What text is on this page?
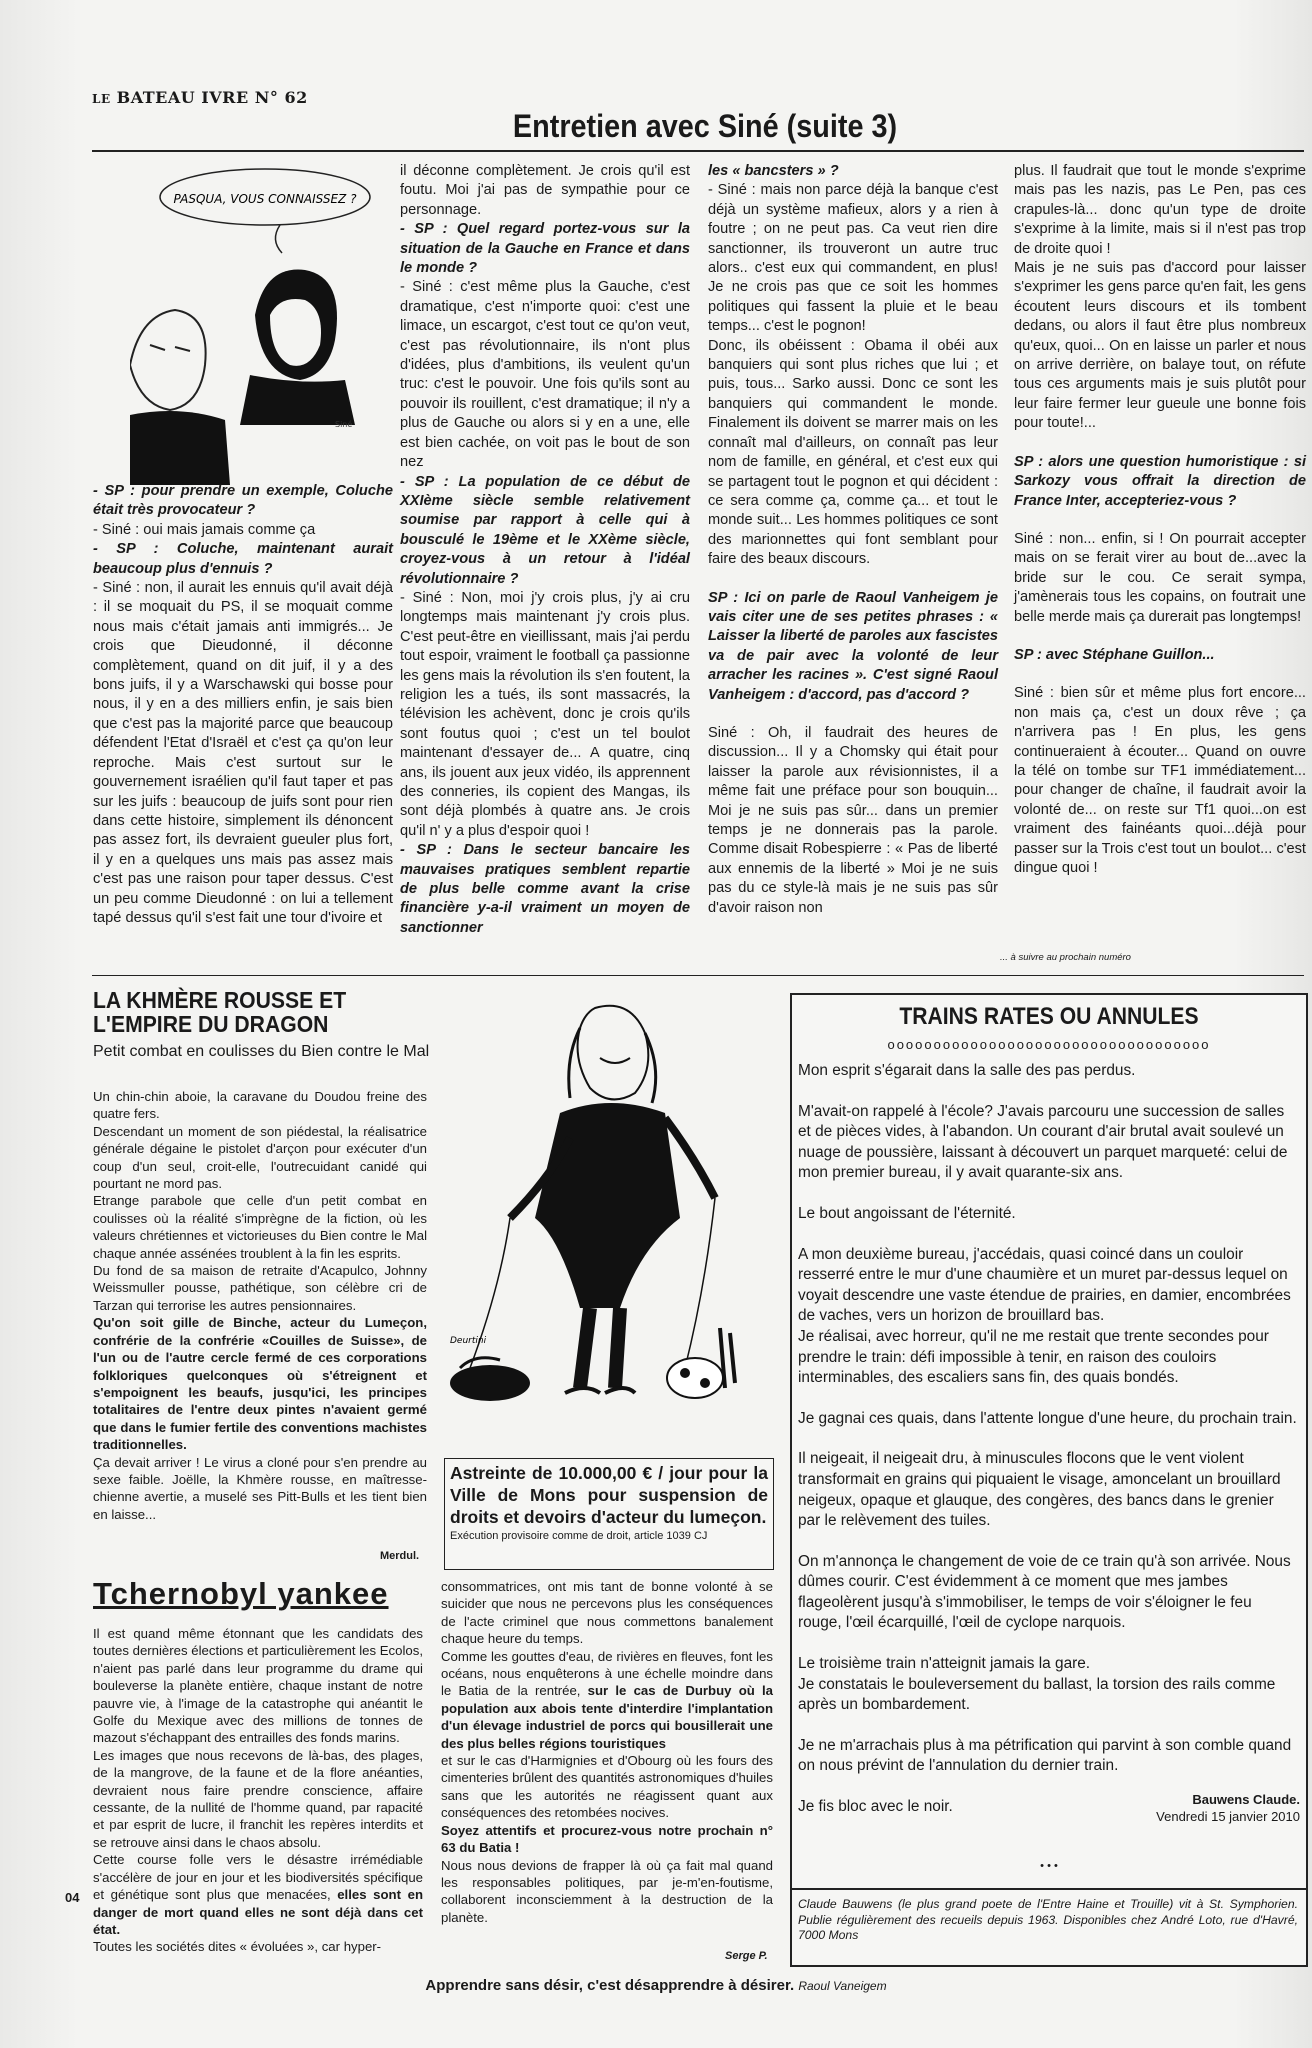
LE BATEAU IVRE N° 62
Entretien avec Siné (suite 3)
PASQUA, VOUS CONNAISSEZ ?
Siné

- SP : pour prendre un exemple, Coluche était très provocateur ?

- Siné : oui mais jamais comme ça

- SP : Coluche, maintenant aurait beaucoup plus d'ennuis ?

- Siné : non, il aurait les ennuis qu'il avait déjà : il se moquait du PS, il se moquait comme nous mais c'était jamais anti immigrés... Je crois que Dieudonné, il déconne complètement, quand on dit juif, il y a des bons juifs, il y a Warschawski qui bosse pour nous, il y en a des milliers enfin, je sais bien que c'est pas la majorité parce que beaucoup défendent l'Etat d'Israël et c'est ça qu'on leur reproche. Mais c'est surtout sur le gouvernement israélien qu'il faut taper et pas sur les juifs : beaucoup de juifs sont pour rien dans cette histoire, simplement ils dénoncent pas assez fort, ils devraient gueuler plus fort, il y en a quelques uns mais pas assez mais c'est pas une raison pour taper dessus. C'est un peu comme Dieudonné : on lui a tellement tapé dessus qu'il s'est fait une tour d'ivoire et

il déconne complètement. Je crois qu'il est foutu. Moi j'ai pas de sympathie pour ce personnage.

- SP : Quel regard portez-vous sur la situation de la Gauche en France et dans le monde ?

- Siné : c'est même plus la Gauche, c'est dramatique, c'est n'importe quoi: c'est une limace, un escargot, c'est tout ce qu'on veut, c'est pas révolutionnaire, ils n'ont plus d'idées, plus d'ambitions, ils veulent qu'un truc: c'est le pouvoir. Une fois qu'ils sont au pouvoir ils rouillent, c'est dramatique; il n'y a plus de Gauche ou alors si y en a une, elle est bien cachée, on voit pas le bout de son nez

- SP : La population de ce début de XXIème siècle semble relativement soumise par rapport à celle qui à bousculé le 19ème et le XXème siècle, croyez-vous à un retour à l'idéal révolutionnaire ?

- Siné : Non, moi j'y crois plus, j'y ai cru longtemps mais maintenant j'y crois plus. C'est peut-être en vieillissant, mais j'ai perdu tout espoir, vraiment le football ça passionne les gens mais la révolution ils s'en foutent, la religion les a tués, ils sont massacrés, la télévision les achèvent, donc je crois qu'ils sont foutus quoi ; c'est un tel boulot maintenant d'essayer de... A quatre, cinq ans, ils jouent aux jeux vidéo, ils apprennent des conneries, ils copient des Mangas, ils sont déjà plombés à quatre ans. Je crois qu'il n' y a plus d'espoir quoi !

- SP : Dans le secteur bancaire les mauvaises pratiques semblent repartie de plus belle comme avant la crise financière y-a-il vraiment un moyen de sanctionner

les « bancsters » ?

- Siné : mais non parce déjà la banque c'est déjà un système mafieux, alors y a rien à foutre ; on ne peut pas. Ca veut rien dire sanctionner, ils trouveront un autre truc alors.. c'est eux qui commandent, en plus! Je ne crois pas que ce soit les hommes politiques qui fassent la pluie et le beau temps... c'est le pognon!

Donc, ils obéissent : Obama il obéi aux banquiers qui sont plus riches que lui ; et puis, tous... Sarko aussi. Donc ce sont les banquiers qui commandent le monde. Finalement ils doivent se marrer mais on les connaît mal d'ailleurs, on connaît pas leur nom de famille, en général, et c'est eux qui se partagent tout le pognon et qui décident : ce sera comme ça, comme ça... et tout le monde suit... Les hommes politiques ce sont des marionnettes qui font semblant pour faire des beaux discours.

SP : Ici on parle de Raoul Vanheigem je vais citer une de ses petites phrases : « Laisser la liberté de paroles aux fascistes va de pair avec la volonté de leur arracher les racines ». C'est signé Raoul Vanheigem : d'accord, pas d'accord ?

Siné : Oh, il faudrait des heures de discussion... Il y a Chomsky qui était pour laisser la parole aux révisionnistes, il a même fait une préface pour son bouquin... Moi je ne suis pas sûr... dans un premier temps je ne donnerais pas la parole. Comme disait Robespierre : « Pas de liberté aux ennemis de la liberté » Moi je ne suis pas du ce style-là mais je ne suis pas sûr d'avoir raison non

plus. Il faudrait que tout le monde s'exprime mais pas les nazis, pas Le Pen, pas ces crapules-là... donc qu'un type de droite s'exprime à la limite, mais si il n'est pas trop de droite quoi !

Mais je ne suis pas d'accord pour laisser s'exprimer les gens parce qu'en fait, les gens écoutent leurs discours et ils tombent dedans, ou alors il faut être plus nombreux qu'eux, quoi... On en laisse un parler et nous on arrive derrière, on balaye tout, on réfute tous ces arguments mais je suis plutôt pour leur faire fermer leur gueule une bonne fois pour toute!...

SP : alors une question humoristique : si Sarkozy vous offrait la direction de France Inter, accepteriez-vous ?

Siné : non... enfin, si ! On pourrait accepter mais on se ferait virer au bout de...avec la bride sur le cou. Ce serait sympa, j'amènerais tous les copains, on foutrait une belle merde mais ça durerait pas longtemps!

SP : avec Stéphane Guillon...

Siné : bien sûr et même plus fort encore... non mais ça, c'est un doux rêve ; ça n'arrivera pas ! En plus, les gens continueraient à écouter... Quand on ouvre la télé on tombe sur TF1 immédiatement... pour changer de chaîne, il faudrait avoir la volonté de... on reste sur Tf1 quoi...on est vraiment des fainéants quoi...déjà pour passer sur la Trois c'est tout un boulot... c'est dingue quoi !

... à suivre au prochain numéro
LA KHMÈRE ROUSSE ET L'EMPIRE DU DRAGON
Petit combat en coulisses du Bien contre le Mal

Un chin-chin aboie, la caravane du Doudou freine des quatre fers.

Descendant un moment de son piédestal, la réalisatrice générale dégaine le pistolet d'arçon pour exécuter d'un coup d'un seul, croit-elle, l'outrecuidant canidé qui pourtant ne mord pas.

Etrange parabole que celle d'un petit combat en coulisses où la réalité s'imprègne de la fiction, où les valeurs chrétiennes et victorieuses du Bien contre le Mal chaque année assénées troublent à la fin les esprits.

Du fond de sa maison de retraite d'Acapulco, Johnny Weissmuller pousse, pathétique, son célèbre cri de Tarzan qui terrorise les autres pensionnaires.

Qu'on soit gille de Binche, acteur du Lumeçon, confrérie de la confrérie «Couilles de Suisse», de l'un ou de l'autre cercle fermé de ces corporations folkloriques quelconques où s'étreignent et s'empoignent les beaufs, jusqu'ici, les principes totalitaires de l'entre deux pintes n'avaient germé que dans le fumier fertile des conventions machistes traditionnelles.

Ça devait arriver ! Le virus a cloné pour s'en prendre au sexe faible. Joëlle, la Khmère rousse, en maîtresse-chienne avertie, a muselé ses Pitt-Bulls et les tient bien en laisse...

Merdul.
Deurtini
Astreinte de 10.000,00 € / jour pour la Ville de Mons pour suspension de droits et devoirs d'acteur du lumeçon.
Exécution provisoire comme de droit, article 1039 CJ
Tchernobyl yankee

Il est quand même étonnant que les candidats des toutes dernières élections et particulièrement les Ecolos, n'aient pas parlé dans leur programme du drame qui bouleverse la planète entière, chaque instant de notre pauvre vie, à l'image de la catastrophe qui anéantit le Golfe du Mexique avec des millions de tonnes de mazout s'échappant des entrailles des fonds marins.

Les images que nous recevons de là-bas, des plages, de la mangrove, de la faune et de la flore anéanties, devraient nous faire prendre conscience, affaire cessante, de la nullité de l'homme quand, par rapacité et par esprit de lucre, il franchit les repères interdits et se retrouve ainsi dans le chaos absolu.

Cette course folle vers le désastre irrémédiable s'accélère de jour en jour et les biodiversités spécifique et génétique sont plus que menacées, elles sont en danger de mort quand elles ne sont déjà dans cet état.

Toutes les sociétés dites « évoluées », car hyper-

consommatrices, ont mis tant de bonne volonté à se suicider que nous ne percevons plus les conséquences de l'acte criminel que nous commettons banalement chaque heure du temps.

Comme les gouttes d'eau, de rivières en fleuves, font les océans, nous enquêterons à une échelle moindre dans le Batia de la rentrée, sur le cas de Durbuy où la population aux abois tente d'interdire l'implantation d'un élevage industriel de porcs qui bousillerait une des plus belles régions touristiques

et sur le cas d'Harmignies et d'Obourg où les fours des cimenteries brûlent des quantités astronomiques d'huiles sans que les autorités ne réagissent quant aux conséquences des retombées nocives.

Soyez attentifs et procurez-vous notre prochain n° 63 du Batia !

Nous nous devions de frapper là où ça fait mal quand les responsables politiques, par je-m'en-foutisme, collaborent inconsciemment à la destruction de la planète.

Serge P.
04
TRAINS RATES OU ANNULES
ooooooooooooooooooooooooooooooooooo

Mon esprit s'égarait dans la salle des pas perdus.

M'avait-on rappelé à l'école? J'avais parcouru une succession de salles et de pièces vides, à l'abandon. Un courant d'air brutal avait soulevé un nuage de poussière, laissant à découvert un parquet marqueté: celui de mon premier bureau, il y avait quarante-six ans.

Le bout angoissant de l'éternité.

A mon deuxième bureau, j'accédais, quasi coincé dans un couloir resserré entre le mur d'une chaumière et un muret par-dessus lequel on voyait descendre une vaste étendue de prairies, en damier, encombrées de vaches, vers un horizon de brouillard bas.
Je réalisai, avec horreur, qu'il ne me restait que trente secondes pour prendre le train: défi impossible à tenir, en raison des couloirs interminables, des escaliers sans fin, des quais bondés.

Je gagnai ces quais, dans l'attente longue d'une heure, du prochain train.

Il neigeait, il neigeait dru, à minuscules flocons que le vent violent transformait en grains qui piquaient le visage, amoncelant un brouillard neigeux, opaque et glauque, des congères, des bancs dans le grenier par le relèvement des tuiles.

On m'annonça le changement de voie de ce train qu'à son arrivée. Nous dûmes courir. C'est évidemment à ce moment que mes jambes flageolèrent jusqu'à s'immobiliser, le temps de voir s'éloigner le feu rouge, l'œil écarquillé, l'œil de cyclope narquois.

Le troisième train n'atteignit jamais la gare.
Je constatais le bouleversement du ballast, la torsion des rails comme après un bombardement.

Je ne m'arrachais plus à ma pétrification qui parvint à son comble quand on nous prévint de l'annulation du dernier train.

Je fis bloc avec le noir.	Bauwens Claude.
Vendredi 15 janvier 2010
• • •
Claude Bauwens (le plus grand poete de l'Entre Haine et Trouille) vit à St. Symphorien. Publie régulièrement des recueils depuis 1963. Disponibles chez André Loto, rue d'Havré, 7000 Mons
Apprendre sans désir, c'est désapprendre à désirer. Raoul Vaneigem
